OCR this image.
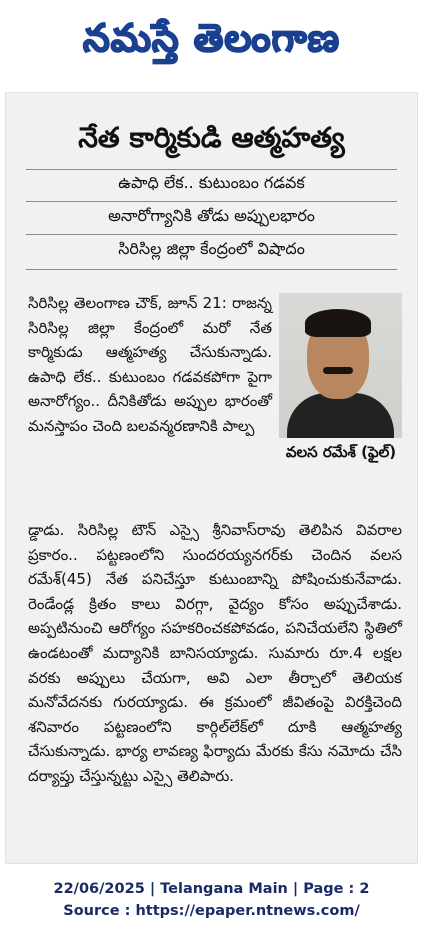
నమస్తే తెలంగాణ
నేత కార్మికుడి ఆత్మహత్య
ఉపాధి లేక.. కుటుంబం గడవక
అనారోగ్యానికి తోడు అప్పులభారం
సిరిసిల్ల జిల్లా కేంద్రంలో విషాదం
సిరిసిల్ల తెలంగాణ చౌక్, జూన్ 21: రాజన్న సిరిసిల్ల జిల్లా కేంద్రంలో మరో నేత కార్మికుడు ఆత్మహత్య చేసుకున్నాడు. ఉపాధి లేక.. కుటుంబం గడవకపోగా పైగా అనారోగ్యం.. దీనికితోడు అప్పుల భారంతో మనస్తాపం చెంది బలవన్మరణానికి పాల్ప
వలస రమేశ్ (ఫైల్)
డ్డాడు. సిరిసిల్ల టౌన్ ఎస్సై శ్రీనివాస్‌రావు తెలిపిన వివరాల ప్రకారం.. పట్టణంలోని సుందరయ్యనగర్‌కు చెందిన వలస రమేశ్(45) నేత పనిచేస్తూ కుటుంబాన్ని పోషించుకునేవాడు. రెండేండ్ల క్రితం కాలు విరగ్గా, వైద్యం కోసం అప్పుచేశాడు. అప్పటినుంచి ఆరోగ్యం సహకరించకపోవడం, పనిచేయలేని స్థితిలో ఉండటంతో మద్యానికి బానిసయ్యాడు. సుమారు రూ.4 లక్షల వరకు అప్పులు చేయగా, అవి ఎలా తీర్చాలో తెలియక మనోవేదనకు గురయ్యాడు. ఈ క్రమంలో జీవితంపై విరక్తిచెంది శనివారం పట్టణంలోని కార్గిల్‌లేక్‌లో దూకి ఆత్మహత్య చేసుకున్నాడు. భార్య లావణ్య ఫిర్యాదు మేరకు కేసు నమోదు చేసి దర్యాప్తు చేస్తున్నట్టు ఎస్సై తెలిపారు.
22/06/2025 | Telangana Main | Page : 2
Source : https://epaper.ntnews.com/
